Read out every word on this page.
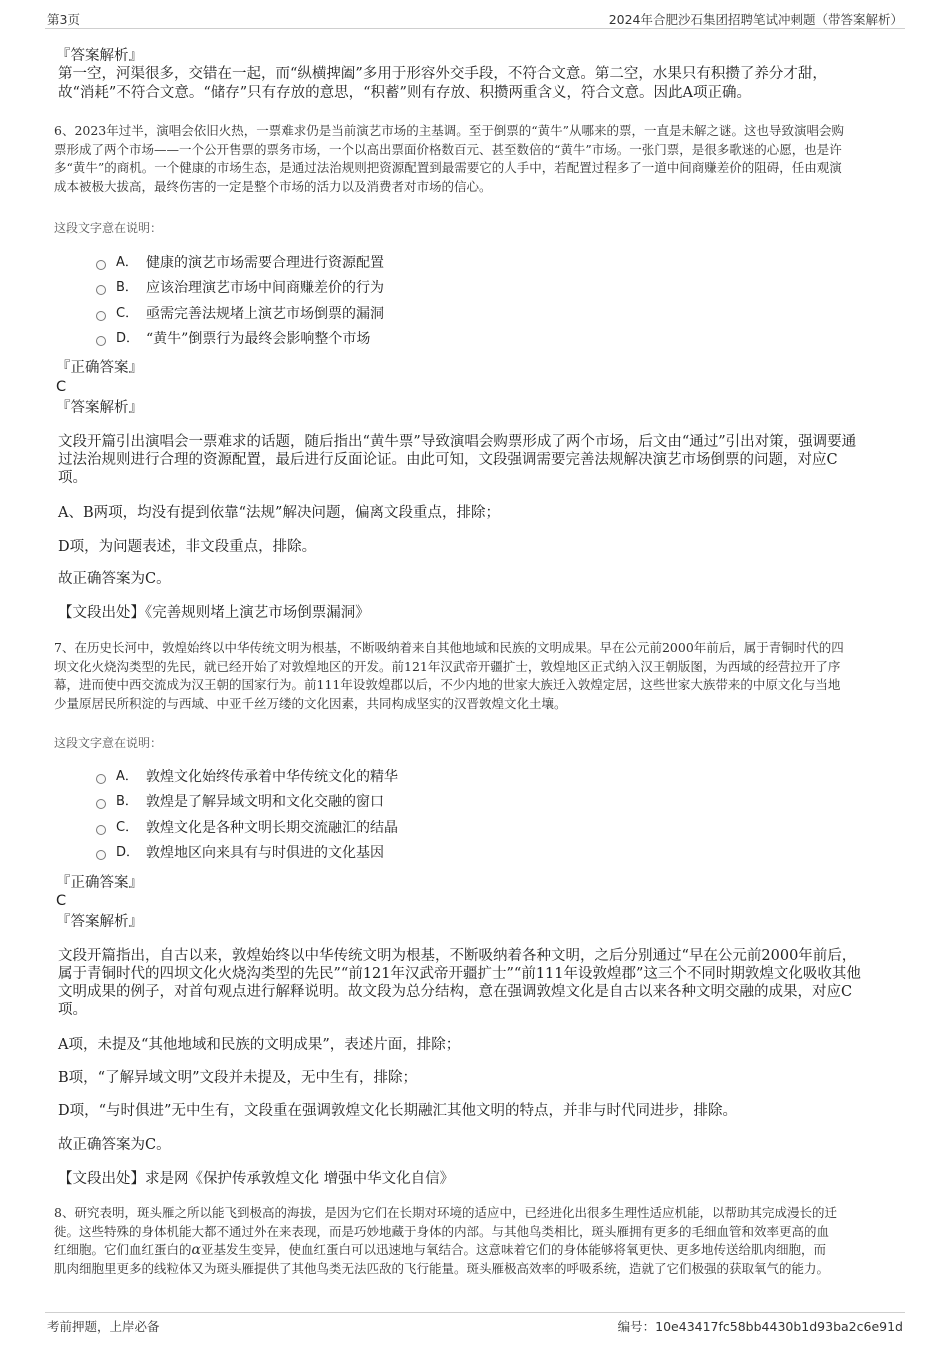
第3页	2024年合肥沙石集团招聘笔试冲刺题（带答案解析）
『答案解析』
第一空，河渠很多，交错在一起，而“纵横捭阖”多用于形容外交手段，不符合文意。第二空，水果只有积攒了养分才甜，
故“消耗”不符合文意。“储存”只有存放的意思，“积蓄”则有存放、积攒两重含义，符合文意。因此A项正确。
6、2023年过半，演唱会依旧火热，一票难求仍是当前演艺市场的主基调。至于倒票的“黄牛”从哪来的票，一直是未解之谜。这也导致演唱会购
票形成了两个市场——一个公开售票的票务市场，一个以高出票面价格数百元、甚至数倍的“黄牛”市场。一张门票，是很多歌迷的心愿，也是许
多“黄牛”的商机。一个健康的市场生态，是通过法治规则把资源配置到最需要它的人手中，若配置过程多了一道中间商赚差价的阻碍，任由观演
成本被极大拔高，最终伤害的一定是整个市场的活力以及消费者对市场的信心。
这段文字意在说明：
A． 健康的演艺市场需要合理进行资源配置
B． 应该治理演艺市场中间商赚差价的行为
C． 亟需完善法规堵上演艺市场倒票的漏洞
D． “黄牛”倒票行为最终会影响整个市场
『正确答案』
C
『答案解析』
文段开篇引出演唱会一票难求的话题，随后指出“黄牛票”导致演唱会购票形成了两个市场，后文由“通过”引出对策，强调要通
过法治规则进行合理的资源配置，最后进行反面论证。由此可知，文段强调需要完善法规解决演艺市场倒票的问题，对应C
项。
A、B两项，均没有提到依靠“法规”解决问题，偏离文段重点，排除；
D项，为问题表述，非文段重点，排除。
故正确答案为C。
【文段出处】《完善规则堵上演艺市场倒票漏洞》
7、在历史长河中，敦煌始终以中华传统文明为根基，不断吸纳着来自其他地域和民族的文明成果。早在公元前2000年前后，属于青铜时代的四
坝文化火烧沟类型的先民，就已经开始了对敦煌地区的开发。前121年汉武帝开疆扩士，敦煌地区正式纳入汉王朝版图，为西域的经营拉开了序
幕，进而使中西交流成为汉王朝的国家行为。前111年设敦煌郡以后，不少内地的世家大族迁入敦煌定居，这些世家大族带来的中原文化与当地
少量原居民所积淀的与西域、中亚千丝万缕的文化因素，共同构成坚实的汉晋敦煌文化土壤。
这段文字意在说明：
A． 敦煌文化始终传承着中华传统文化的精华
B． 敦煌是了解异域文明和文化交融的窗口
C． 敦煌文化是各种文明长期交流融汇的结晶
D． 敦煌地区向来具有与时俱进的文化基因
『正确答案』
C
『答案解析』
文段开篇指出，自古以来，敦煌始终以中华传统文明为根基，不断吸纳着各种文明，之后分别通过“早在公元前2000年前后，
属于青铜时代的四坝文化火烧沟类型的先民”“前121年汉武帝开疆扩士”“前111年设敦煌郡”这三个不同时期敦煌文化吸收其他
文明成果的例子，对首句观点进行解释说明。故文段为总分结构，意在强调敦煌文化是自古以来各种文明交融的成果，对应C
项。
A项，未提及“其他地域和民族的文明成果”，表述片面，排除；
B项，“了解异域文明”文段并未提及，无中生有，排除；
D项，“与时俱进”无中生有，文段重在强调敦煌文化长期融汇其他文明的特点，并非与时代同进步，排除。
故正确答案为C。
【文段出处】求是网《保护传承敦煌文化 增强中华文化自信》
8、研究表明，斑头雁之所以能飞到极高的海拔，是因为它们在长期对环境的适应中，已经进化出很多生理性适应机能，以帮助其完成漫长的迁
徙。这些特殊的身体机能大都不通过外在来表现，而是巧妙地藏于身体的内部。与其他鸟类相比，斑头雁拥有更多的毛细血管和效率更高的血
红细胞。它们血红蛋白的α亚基发生变异，使血红蛋白可以迅速地与氧结合。这意味着它们的身体能够将氧更快、更多地传送给肌肉细胞，而
肌肉细胞里更多的线粒体又为斑头雁提供了其他鸟类无法匹敌的飞行能量。斑头雁极高效率的呼吸系统，造就了它们极强的获取氧气的能力。
考前押题，上岸必备	编号：10e43417fc58bb4430b1d93ba2c6e91d
